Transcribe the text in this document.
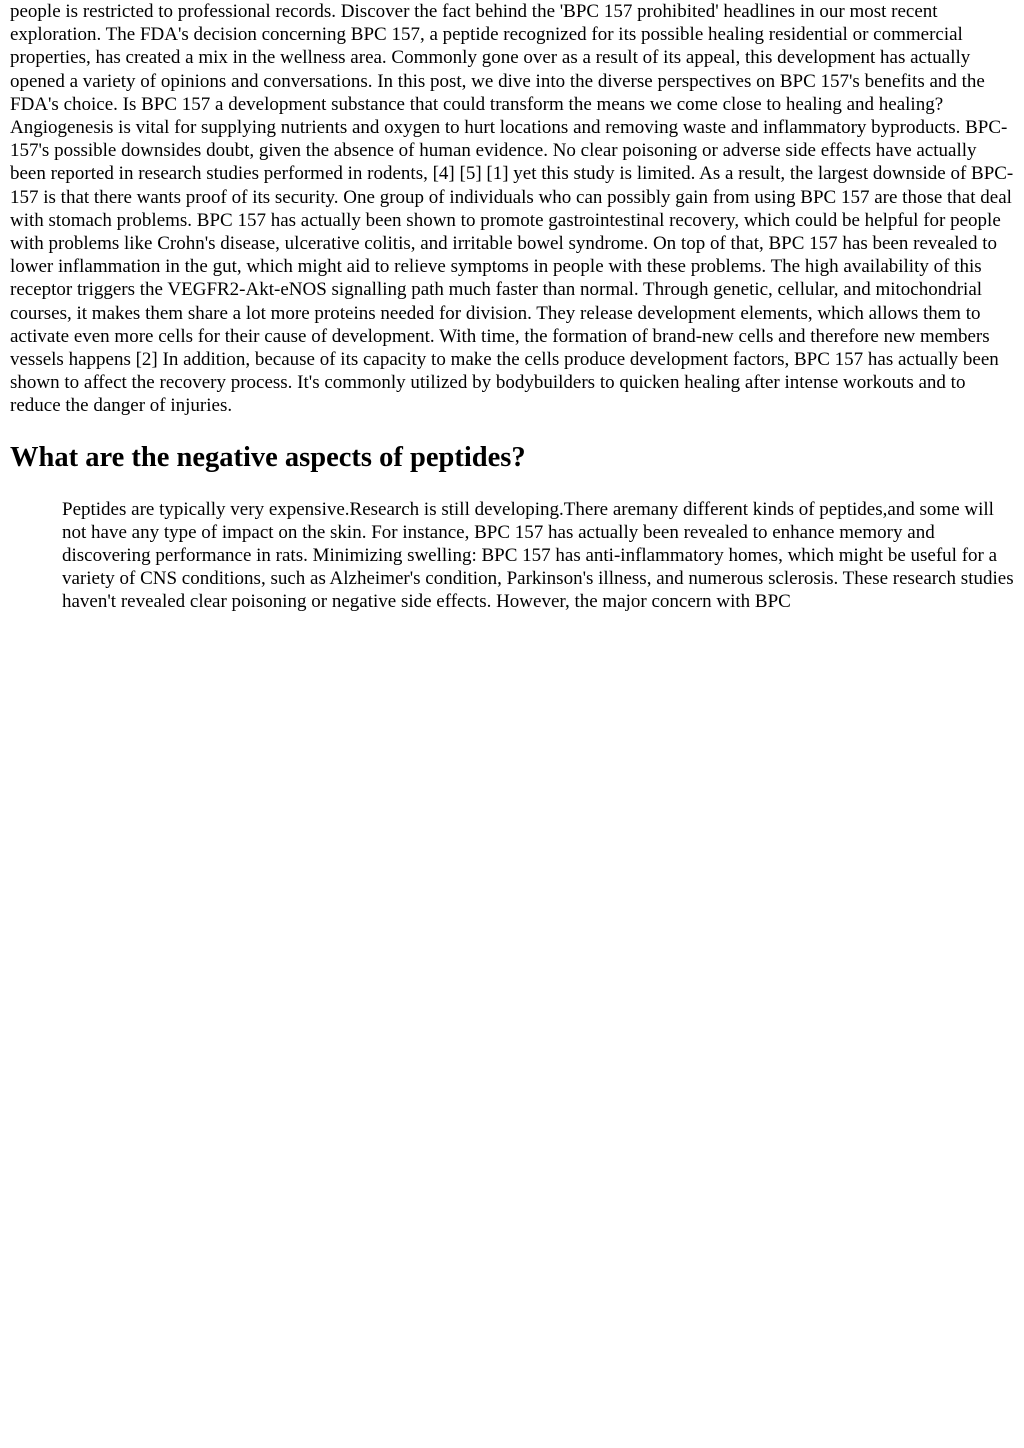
people is restricted to professional records. Discover the fact behind the 'BPC 157 prohibited' headlines in our most recent exploration. The FDA's decision concerning BPC 157, a peptide recognized for its possible healing residential or commercial properties, has created a mix in the wellness area. Commonly gone over as a result of its appeal, this development has actually opened a variety of opinions and conversations. In this post, we dive into the diverse perspectives on BPC 157's benefits and the FDA's choice. Is BPC 157 a development substance that could transform the means we come close to healing and healing? Angiogenesis is vital for supplying nutrients and oxygen to hurt locations and removing waste and inflammatory byproducts. BPC-157's possible downsides doubt, given the absence of human evidence. No clear poisoning or adverse side effects have actually been reported in research studies performed in rodents, [4] [5] [1] yet this study is limited. As a result, the largest downside of BPC-157 is that there wants proof of its security. One group of individuals who can possibly gain from using BPC 157 are those that deal with stomach problems. BPC 157 has actually been shown to promote gastrointestinal recovery, which could be helpful for people with problems like Crohn's disease, ulcerative colitis, and irritable bowel syndrome. On top of that, BPC 157 has been revealed to lower inflammation in the gut, which might aid to relieve symptoms in people with these problems. The high availability of this receptor triggers the VEGFR2-Akt-eNOS signalling path much faster than normal. Through genetic, cellular, and mitochondrial courses, it makes them share a lot more proteins needed for division. They release development elements, which allows them to activate even more cells for their cause of development. With time, the formation of brand-new cells and therefore new members vessels happens [2] In addition, because of its capacity to make the cells produce development factors, BPC 157 has actually been shown to affect the recovery process. It's commonly utilized by bodybuilders to quicken healing after intense workouts and to reduce the danger of injuries.

What are the negative aspects of peptides?
Peptides are typically very expensive.Research is still developing.There aremany different kinds of peptides,and some will not have any type of impact on the skin. For instance, BPC 157 has actually been revealed to enhance memory and discovering performance in rats. Minimizing swelling: BPC 157 has anti-inflammatory homes, which might be useful for a variety of CNS conditions, such as Alzheimer's condition, Parkinson's illness, and numerous sclerosis. These research studies haven't revealed clear poisoning or negative side effects. However, the major concern with BPC
